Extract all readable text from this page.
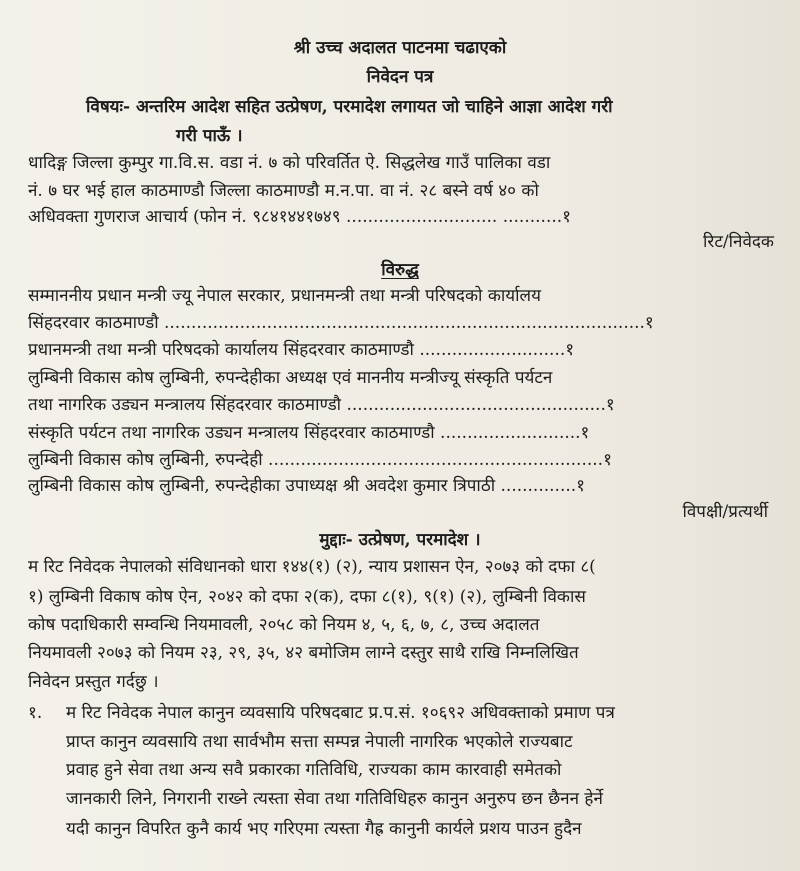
श्री उच्च अदालत पाटनमा चढाएको
निवेदन पत्र
विषयः- अन्तरिम आदेश सहित उत्प्रेषण, परमादेश लगायत जो चाहिने आज्ञा आदेश गरी
गरी पाऊँ ।
धादिङ्ग जिल्ला कुम्पुर गा.वि.स. वडा नं. ७ को परिवर्तित ऐ. सिद्धलेख गाउँ पालिका वडा
नं. ७ घर भई हाल काठमाण्डौ जिल्ला काठमाण्डौ म.न.पा. वा नं. २८ बस्ने वर्ष ४० को
अधिवक्ता गुणराज आचार्य (फोन नं. ९८४१४४१७४९ ............................ ...........१
रिट/निवेदक
विरुद्ध
सम्माननीय प्रधान मन्त्री ज्यू नेपाल सरकार, प्रधानमन्त्री तथा मन्त्री परिषदको कार्यालय
सिंहदरवार काठमाण्डौ .........................................................................................१
प्रधानमन्त्री तथा मन्त्री परिषदको कार्यालय सिंहदरवार काठमाण्डौ ...........................१
लुम्बिनी विकास कोष लुम्बिनी, रुपन्देहीका अध्यक्ष एवं माननीय मन्त्रीज्यू संस्कृति पर्यटन
तथा नागरिक उड्यन मन्त्रालय सिंहदरवार काठमाण्डौ ................................................१
संस्कृति पर्यटन तथा नागरिक उड्यन मन्त्रालय सिंहदरवार काठमाण्डौ ..........................१
लुम्बिनी विकास कोष लुम्बिनी, रुपन्देही ..............................................................१
लुम्बिनी विकास कोष लुम्बिनी, रुपन्देहीका उपाध्यक्ष श्री अवदेश कुमार त्रिपाठी ..............१
विपक्षी/प्रत्यर्थी
मुद्दाः- उत्प्रेषण, परमादेश ।
म रिट निवेदक नेपालको संविधानको धारा १४४(१) (२), न्याय प्रशासन ऐन, २०७३ को दफा ८(
१) लुम्बिनी विकाष कोष ऐन, २०४२ को दफा २(क), दफा ८(१), ९(१) (२), लुम्बिनी विकास
कोष पदाधिकारी सम्वन्धि नियमावली, २०५८ को नियम ४, ५, ६, ७, ८, उच्च अदालत
नियमावली २०७३ को नियम २३, २९, ३५, ४२ बमोजिम लाग्ने दस्तुर साथै राखि निम्नलिखित
निवेदन प्रस्तुत गर्दछु ।
१. म रिट निवेदक नेपाल कानुन व्यवसायि परिषदबाट प्र.प.सं. १०६९२ अधिवक्ताको प्रमाण पत्र
प्राप्त कानुन व्यवसायि तथा सार्वभौम सत्ता सम्पन्न नेपाली नागरिक भएकोले राज्यबाट
प्रवाह हुने सेवा तथा अन्य सवै प्रकारका गतिविधि, राज्यका काम कारवाही समेतको
जानकारी लिने, निगरानी राख्ने त्यस्ता सेवा तथा गतिविधिहरु कानुन अनुरुप छन छैनन हेर्ने
यदी कानुन विपरित कुनै कार्य भए गरिएमा त्यस्ता गैह्र कानुनी कार्यले प्रशय पाउन हुदैन
